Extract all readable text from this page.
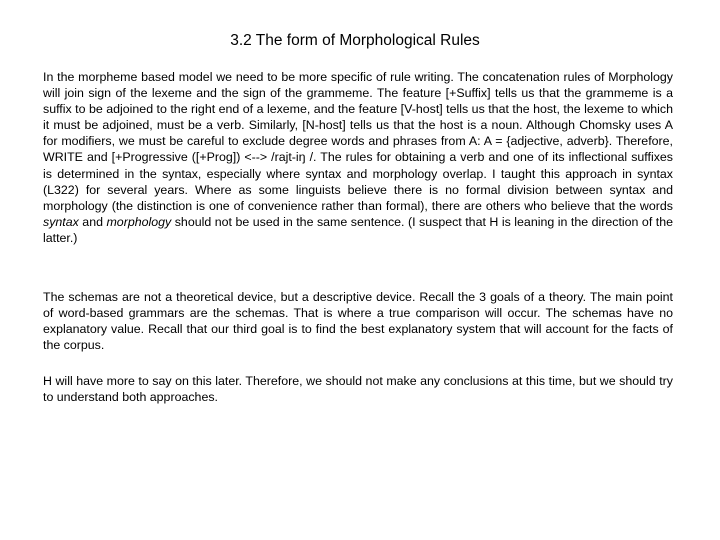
3.2 The form of Morphological Rules

In the morpheme based model we need to be more specific of rule writing. The concatenation rules of Morphology will join sign of the lexeme and the sign of the grammeme. The feature [+Suffix] tells us that the grammeme is a suffix to be adjoined to the right end of a lexeme, and the feature [V-host] tells us that the host, the lexeme to which it must be adjoined, must be a verb. Similarly, [N-host] tells us that the host is a noun. Although Chomsky uses A for modifiers, we must be careful to exclude degree words and phrases from A: A = {adjective, adverb}. Therefore, WRITE and [+Progressive ([+Prog]) <--> /rajt-iŋ /. The rules for obtaining a verb and one of its inflectional suffixes is determined in the syntax, especially where syntax and morphology overlap. I taught this approach in syntax (L322) for several years. Where as some linguists believe there is no formal division between syntax and morphology (the distinction is one of convenience rather than formal), there are others who believe that the words syntax and morphology should not be used in the same sentence. (I suspect that H is leaning in the direction of the latter.)

The schemas are not a theoretical device, but a descriptive device. Recall the 3 goals of a theory. The main point of word-based grammars are the schemas. That is where a true comparison will occur. The schemas have no explanatory value. Recall that our third goal is to find the best explanatory system that will account for the facts of the corpus.

H will have more to say on this later. Therefore, we should not make any conclusions at this time, but we should try to understand both approaches.
